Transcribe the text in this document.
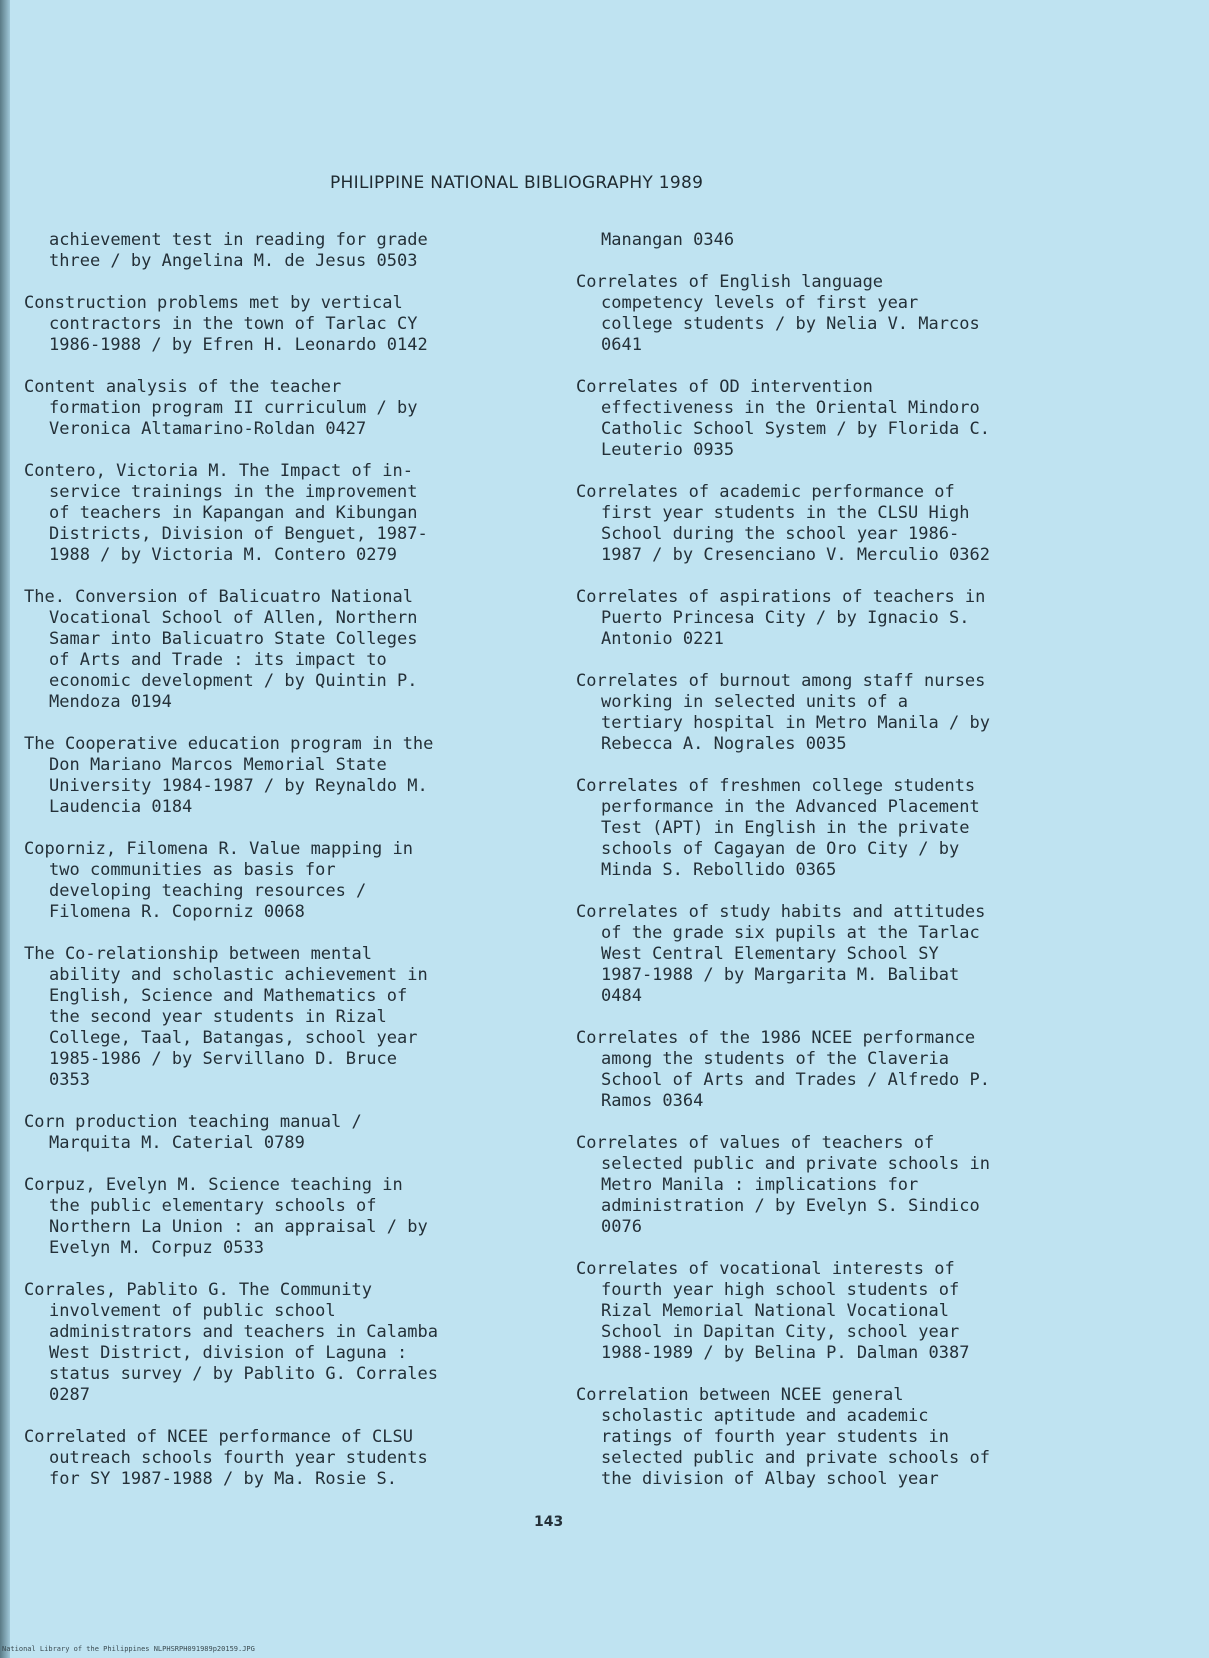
PHILIPPINE NATIONAL BIBLIOGRAPHY 1989
achievement test in reading for grade
three / by Angelina M. de Jesus 0503
Construction problems met by vertical
contractors in the town of Tarlac CY
1986-1988 / by Efren H. Leonardo 0142
Content analysis of the teacher
formation program II curriculum / by
Veronica Altamarino-Roldan 0427
Contero, Victoria M. The Impact of in-
service trainings in the improvement
of teachers in Kapangan and Kibungan
Districts, Division of Benguet, 1987-
1988 / by Victoria M. Contero 0279
The. Conversion of Balicuatro National
Vocational School of Allen, Northern
Samar into Balicuatro State Colleges
of Arts and Trade : its impact to
economic development / by Quintin P.
Mendoza 0194
The Cooperative education program in the
Don Mariano Marcos Memorial State
University 1984-1987 / by Reynaldo M.
Laudencia 0184
Coporniz, Filomena R. Value mapping in
two communities as basis for
developing teaching resources /
Filomena R. Coporniz 0068
The Co-relationship between mental
ability and scholastic achievement in
English, Science and Mathematics of
the second year students in Rizal
College, Taal, Batangas, school year
1985-1986 / by Servillano D. Bruce
0353
Corn production teaching manual /
Marquita M. Caterial 0789
Corpuz, Evelyn M. Science teaching in
the public elementary schools of
Northern La Union : an appraisal / by
Evelyn M. Corpuz 0533
Corrales, Pablito G. The Community
involvement of public school
administrators and teachers in Calamba
West District, division of Laguna :
status survey / by Pablito G. Corrales
0287
Correlated of NCEE performance of CLSU
outreach schools fourth year students
for SY 1987-1988 / by Ma. Rosie S.
Manangan 0346
Correlates of English language
competency levels of first year
college students / by Nelia V. Marcos
0641
Correlates of OD intervention
effectiveness in the Oriental Mindoro
Catholic School System / by Florida C.
Leuterio 0935
Correlates of academic performance of
first year students in the CLSU High
School during the school year 1986-
1987 / by Cresenciano V. Merculio 0362
Correlates of aspirations of teachers in
Puerto Princesa City / by Ignacio S.
Antonio 0221
Correlates of burnout among staff nurses
working in selected units of a
tertiary hospital in Metro Manila / by
Rebecca A. Nograles 0035
Correlates of freshmen college students
performance in the Advanced Placement
Test (APT) in English in the private
schools of Cagayan de Oro City / by
Minda S. Rebollido 0365
Correlates of study habits and attitudes
of the grade six pupils at the Tarlac
West Central Elementary School SY
1987-1988 / by Margarita M. Balibat
0484
Correlates of the 1986 NCEE performance
among the students of the Claveria
School of Arts and Trades / Alfredo P.
Ramos 0364
Correlates of values of teachers of
selected public and private schools in
Metro Manila : implications for
administration / by Evelyn S. Sindico
0076
Correlates of vocational interests of
fourth year high school students of
Rizal Memorial National Vocational
School in Dapitan City, school year
1988-1989 / by Belina P. Dalman 0387
Correlation between NCEE general
scholastic aptitude and academic
ratings of fourth year students in
selected public and private schools of
the division of Albay school year
143
National Library of the Philippines NLPHSRPH091989p20159.JPG
